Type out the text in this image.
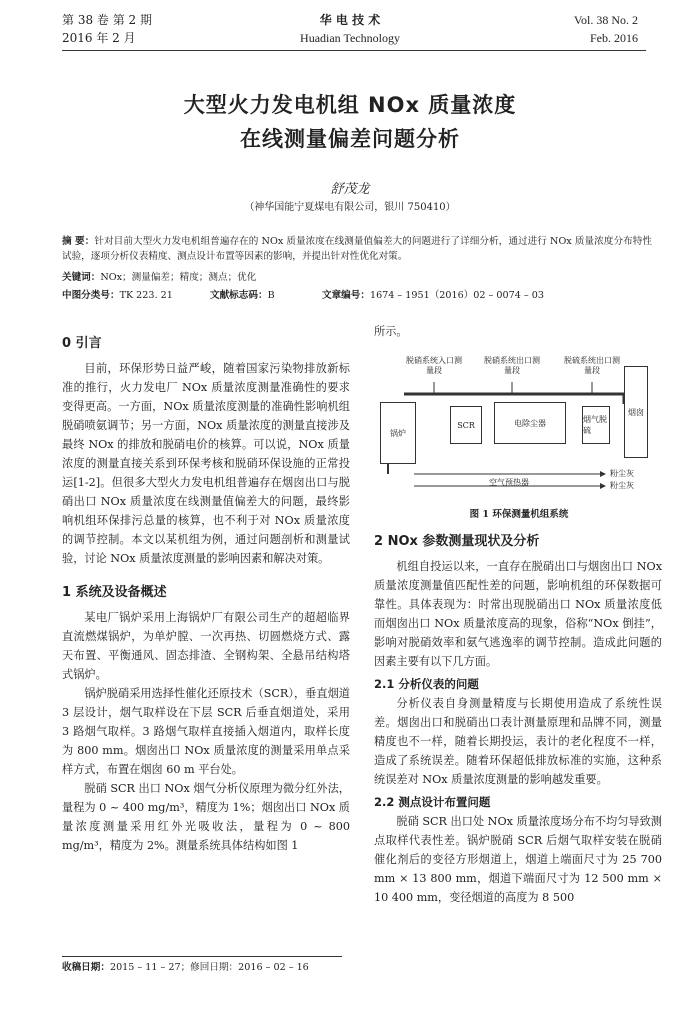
第 38 卷 第 2 期
2016 年 2 月
华 电 技 术
Huadian Technology
Vol. 38 No. 2
Feb. 2016
大型火力发电机组 NOx 质量浓度
在线测量偏差问题分析
舒茂龙
（神华国能宁夏煤电有限公司，银川 750410）
摘 要：针对目前大型火力发电机组普遍存在的 NOx 质量浓度在线测量值偏差大的问题进行了详细分析，通过进行 NOx 质量浓度分布特性试验，逐项分析仪表精度、测点设计布置等因素的影响，并提出针对性优化对策。
关键词：NOx；测量偏差；精度；测点；优化
中图分类号：TK 223. 21	文献标志码：B	文章编号：1674 – 1951（2016）02 – 0074 – 03
0 引言
目前，环保形势日益严峻，随着国家污染物排放新标准的推行，火力发电厂 NOx 质量浓度测量准确性的要求变得更高。一方面，NOx 质量浓度测量的准确性影响机组脱硝喷氨调节；另一方面，NOx 质量浓度的测量直接涉及最终 NOx 的排放和脱硝电价的核算。可以说，NOx 质量浓度的测量直接关系到环保考核和脱硝环保设施的正常投运[1-2]。但很多大型火力发电机组普遍存在烟囱出口与脱硝出口 NOx 质量浓度在线测量值偏差大的问题，最终影响机组环保排污总量的核算，也不利于对 NOx 质量浓度的调节控制。本文以某机组为例，通过问题剖析和测量试验，讨论 NOx 质量浓度测量的影响因素和解决对策。
1 系统及设备概述
某电厂锅炉采用上海锅炉厂有限公司生产的超超临界直流燃煤锅炉，为单炉膛、一次再热、切圆燃烧方式、露天布置、平衡通风、固态排渣、全钢构架、全悬吊结构塔式锅炉。
锅炉脱硝采用选择性催化还原技术（SCR），垂直烟道 3 层设计，烟气取样设在下层 SCR 后垂直烟道处，采用 3 路烟气取样。3 路烟气取样直接插入烟道内，取样长度为 800 mm。烟囱出口 NOx 质量浓度的测量采用单点采样方式，布置在烟囱 60 m 平台处。
脱硝 SCR 出口 NOx 烟气分析仪原理为微分红外法，量程为 0 ~ 400 mg/m³，精度为 1%；烟囱出口 NOx 质量浓度测量采用红外光吸收法，量程为 0 ~ 800 mg/m³，精度为 2%。测量系统具体结构如图 1
收稿日期：2015 – 11 – 27；修回日期：2016 – 02 – 16
所示。
脱硝系统入口测量段
脱硝系统出口测量段
脱硫系统出口测量段
锅炉
SCR	电除尘器	烟气脱硫
烟囱
粉尘灰
空气预热器	粉尘灰
图 1 环保测量机组系统
2 NOx 参数测量现状及分析
机组自投运以来，一直存在脱硝出口与烟囱出口 NOx 质量浓度测量值匹配性差的问题，影响机组的环保数据可靠性。具体表现为：时常出现脱硝出口 NOx 质量浓度低而烟囱出口 NOx 质量浓度高的现象，俗称“NOx 倒挂”，影响对脱硝效率和氨气逃逸率的调节控制。造成此问题的因素主要有以下几方面。
2.1 分析仪表的问题
分析仪表自身测量精度与长期使用造成了系统性误差。烟囱出口和脱硝出口表计测量原理和品牌不同，测量精度也不一样，随着长期投运，表计的老化程度不一样，造成了系统误差。随着环保超低排放标准的实施，这种系统误差对 NOx 质量浓度测量的影响越发重要。
2.2 测点设计布置问题
脱硝 SCR 出口处 NOx 质量浓度场分布不均匀导致测点取样代表性差。锅炉脱硝 SCR 后烟气取样安装在脱硝催化剂后的变径方形烟道上，烟道上端面尺寸为 25 700 mm × 13 800 mm，烟道下端面尺寸为 12 500 mm × 10 400 mm，变径烟道的高度为 8 500
